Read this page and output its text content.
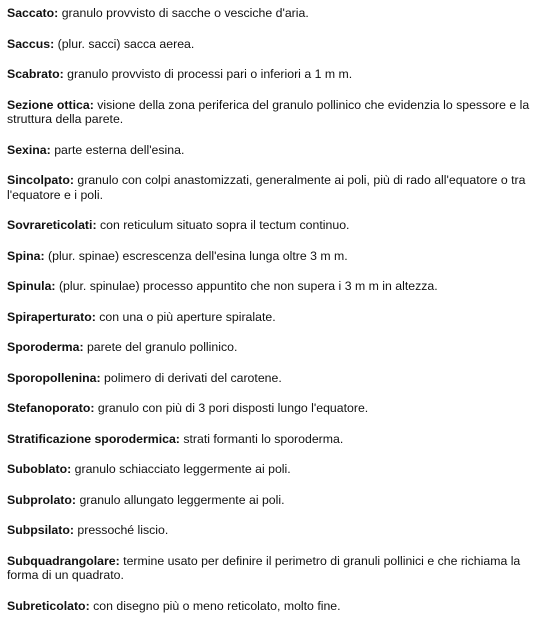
Saccato: granulo provvisto di sacche o vesciche d'aria.
Saccus: (plur. sacci) sacca aerea.
Scabrato: granulo provvisto di processi pari o inferiori a 1 m m.
Sezione ottica: visione della zona periferica del granulo pollinico che evidenzia lo spessore e la struttura della parete.
Sexina: parte esterna dell'esina.
Sincolpato: granulo con colpi anastomizzati, generalmente ai poli, più di rado all'equatore o tra l'equatore e i poli.
Sovrareticolati: con reticulum situato sopra il tectum continuo.
Spina: (plur. spinae) escrescenza dell'esina lunga oltre 3 m m.
Spinula: (plur. spinulae) processo appuntito che non supera i 3 m m in altezza.
Spiraperturato: con una o più aperture spiralate.
Sporoderma: parete del granulo pollinico.
Sporopollenina: polimero di derivati del carotene.
Stefanoporato: granulo con più di 3 pori disposti lungo l'equatore.
Stratificazione sporodermica: strati formanti lo sporoderma.
Suboblato: granulo schiacciato leggermente ai poli.
Subprolato: granulo allungato leggermente ai poli.
Subpsilato: pressoché liscio.
Subquadrangolare: termine usato per definire il perimetro di granuli pollinici e che richiama la forma di un quadrato.
Subreticolato: con disegno più o meno reticolato, molto fine.
